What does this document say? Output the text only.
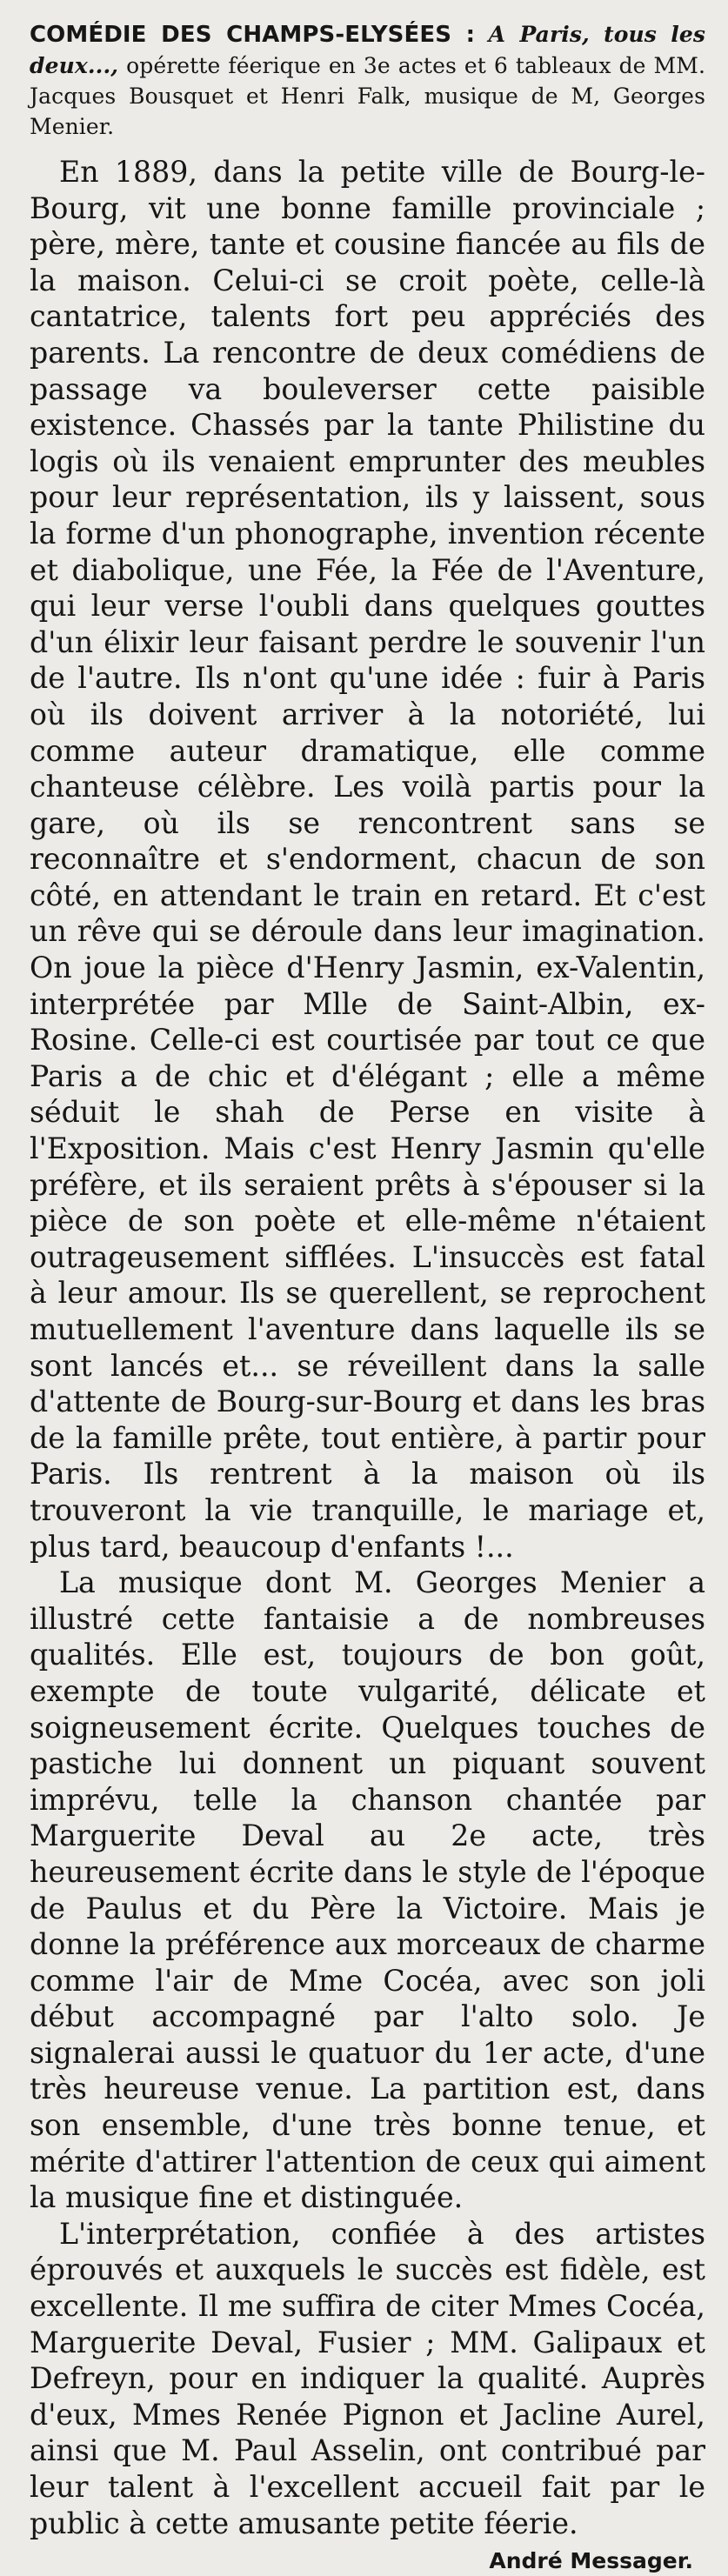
COMÉDIE DES CHAMPS-ELYSÉES : A Paris, tous les deux..., opérette féerique en 3e actes et 6 tableaux de MM. Jacques Bousquet et Henri Falk, musique de M, Georges Menier.

En 1889, dans la petite ville de Bourg-le-Bourg, vit une bonne famille provinciale ; père, mère, tante et cousine fiancée au fils de la maison. Celui-ci se croit poète, celle-là cantatrice, talents fort peu appréciés des parents. La rencontre de deux comédiens de passage va bouleverser cette paisible existence. Chassés par la tante Philistine du logis où ils venaient emprunter des meubles pour leur représentation, ils y laissent, sous la forme d'un phonographe, invention récente et diabolique, une Fée, la Fée de l'Aventure, qui leur verse l'oubli dans quelques gouttes d'un élixir leur faisant perdre le souvenir l'un de l'autre. Ils n'ont qu'une idée : fuir à Paris où ils doivent arriver à la notoriété, lui comme auteur dramatique, elle comme chanteuse célèbre. Les voilà partis pour la gare, où ils se rencontrent sans se reconnaître et s'endorment, chacun de son côté, en attendant le train en retard. Et c'est un rêve qui se déroule dans leur imagination. On joue la pièce d'Henry Jasmin, ex-Valentin, interprétée par Mlle de Saint-Albin, ex-Rosine. Celle-ci est courtisée par tout ce que Paris a de chic et d'élégant ; elle a même séduit le shah de Perse en visite à l'Exposition. Mais c'est Henry Jasmin qu'elle préfère, et ils seraient prêts à s'épouser si la pièce de son poète et elle-même n'étaient outrageusement sifflées. L'insuccès est fatal à leur amour. Ils se querellent, se reprochent mutuellement l'aventure dans laquelle ils se sont lancés et... se réveillent dans la salle d'attente de Bourg-sur-Bourg et dans les bras de la famille prête, tout entière, à partir pour Paris. Ils rentrent à la maison où ils trouveront la vie tranquille, le mariage et, plus tard, beaucoup d'enfants !...

La musique dont M. Georges Menier a illustré cette fantaisie a de nombreuses qualités. Elle est, toujours de bon goût, exempte de toute vulgarité, délicate et soigneusement écrite. Quelques touches de pastiche lui donnent un piquant souvent imprévu, telle la chanson chantée par Marguerite Deval au 2e acte, très heureusement écrite dans le style de l'époque de Paulus et du Père la Victoire. Mais je donne la préférence aux morceaux de charme comme l'air de Mme Cocéa, avec son joli début accompagné par l'alto solo. Je signalerai aussi le quatuor du 1er acte, d'une très heureuse venue. La partition est, dans son ensemble, d'une très bonne tenue, et mérite d'attirer l'attention de ceux qui aiment la musique fine et distinguée.

L'interprétation, confiée à des artistes éprouvés et auxquels le succès est fidèle, est excellente. Il me suffira de citer Mmes Cocéa, Marguerite Deval, Fusier ; MM. Galipaux et Defreyn, pour en indiquer la qualité. Auprès d'eux, Mmes Renée Pignon et Jacline Aurel, ainsi que M. Paul Asselin, ont contribué par leur talent à l'excellent accueil fait par le public à cette amusante petite féerie.

André Messager.
